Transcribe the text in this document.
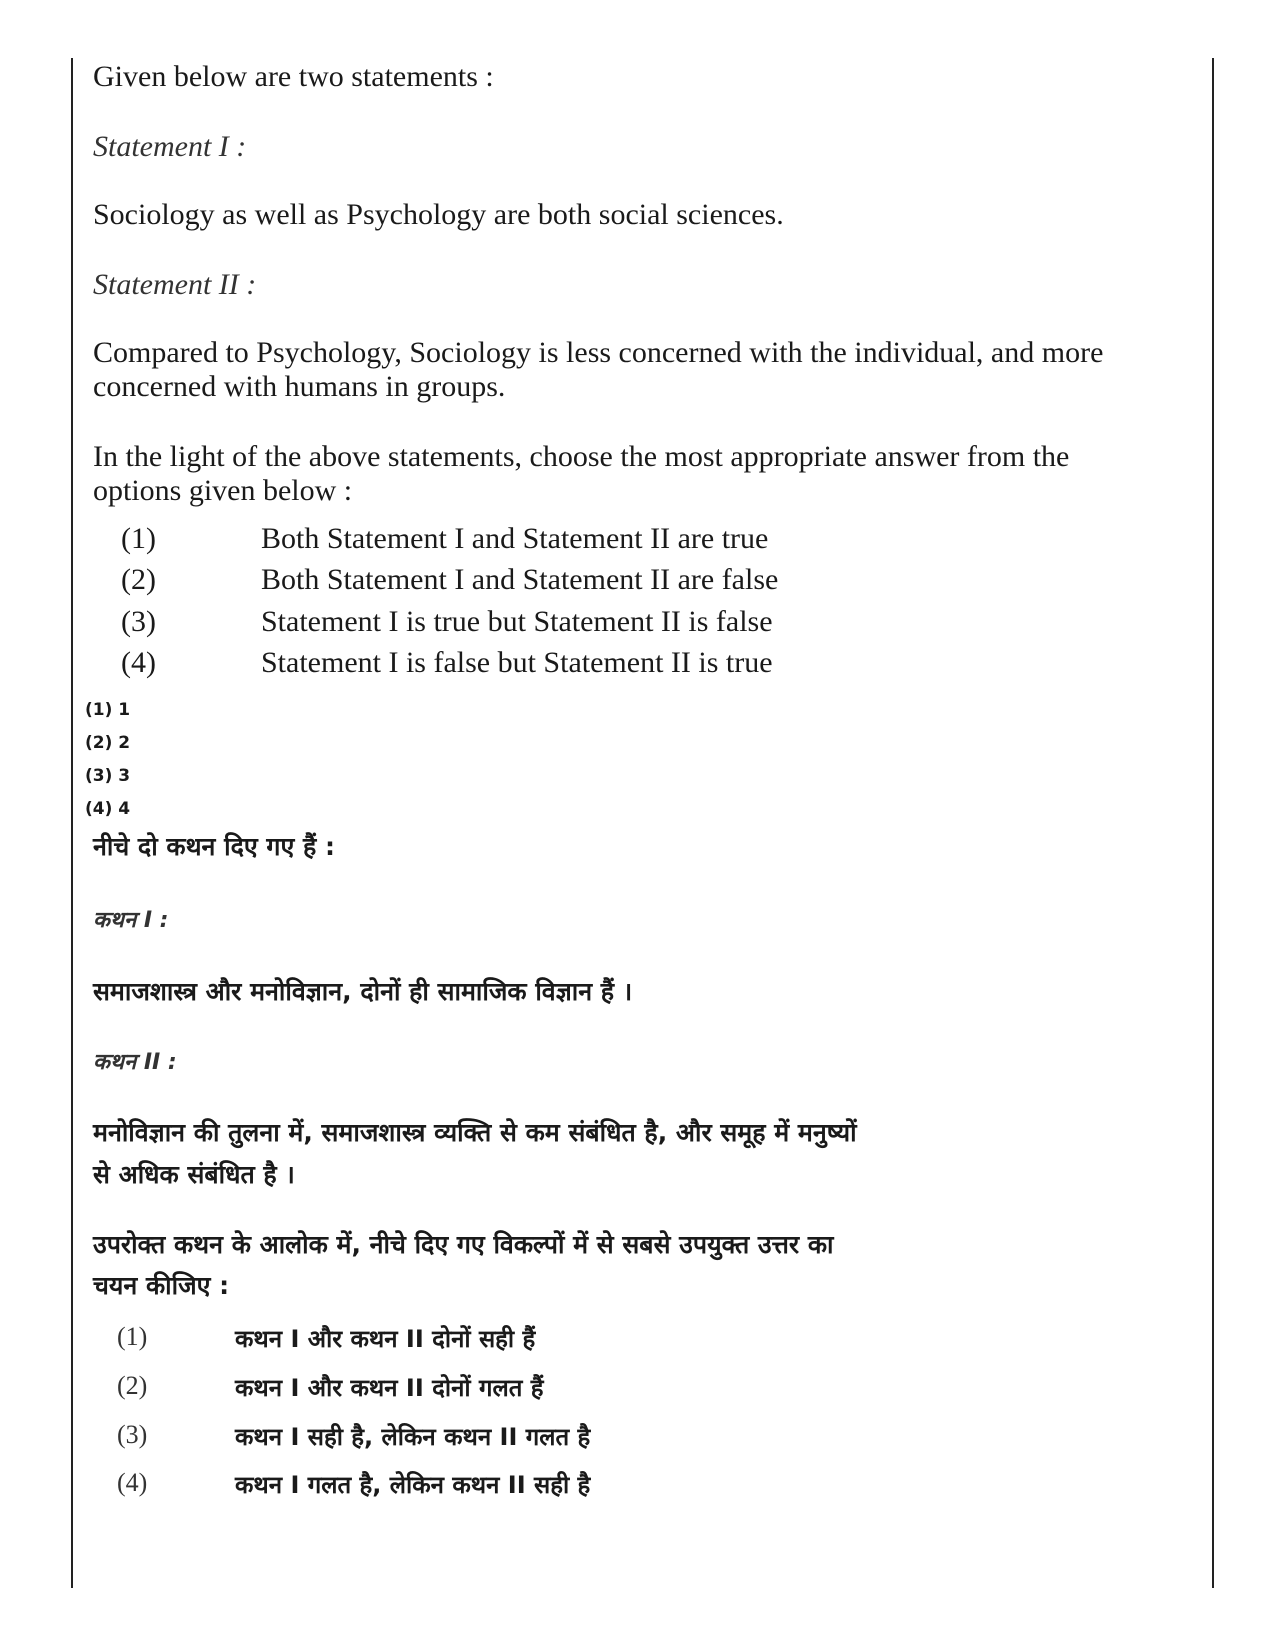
Given below are two statements :

Statement I :

Sociology as well as Psychology are both social sciences.

Statement II :

Compared to Psychology, Sociology is less concerned with the individual, and more

concerned with humans in groups.

In the light of the above statements, choose the most appropriate answer from the

options given below :

(1)	Both Statement I and Statement II are true
(2)	Both Statement I and Statement II are false
(3)	Statement I is true but Statement II is false
(4)	Statement I is false but Statement II is true
(1) 1
(2) 2
(3) 3
(4) 4

नीचे दो कथन दिए गए हैं :

कथन I :

समाजशास्त्र और मनोविज्ञान, दोनों ही सामाजिक विज्ञान हैं ।

कथन II :

मनोविज्ञान की तुलना में, समाजशास्त्र व्यक्ति से कम संबंधित है, और समूह में मनुष्यों

से अधिक संबंधित है ।

उपरोक्त कथन के आलोक में, नीचे दिए गए विकल्पों में से सबसे उपयुक्त उत्तर का

चयन कीजिए :

(1)	कथन I और कथन II दोनों सही हैं
(2)	कथन I और कथन II दोनों गलत हैं
(3)	कथन I सही है, लेकिन कथन II गलत है
(4)	कथन I गलत है, लेकिन कथन II सही है
